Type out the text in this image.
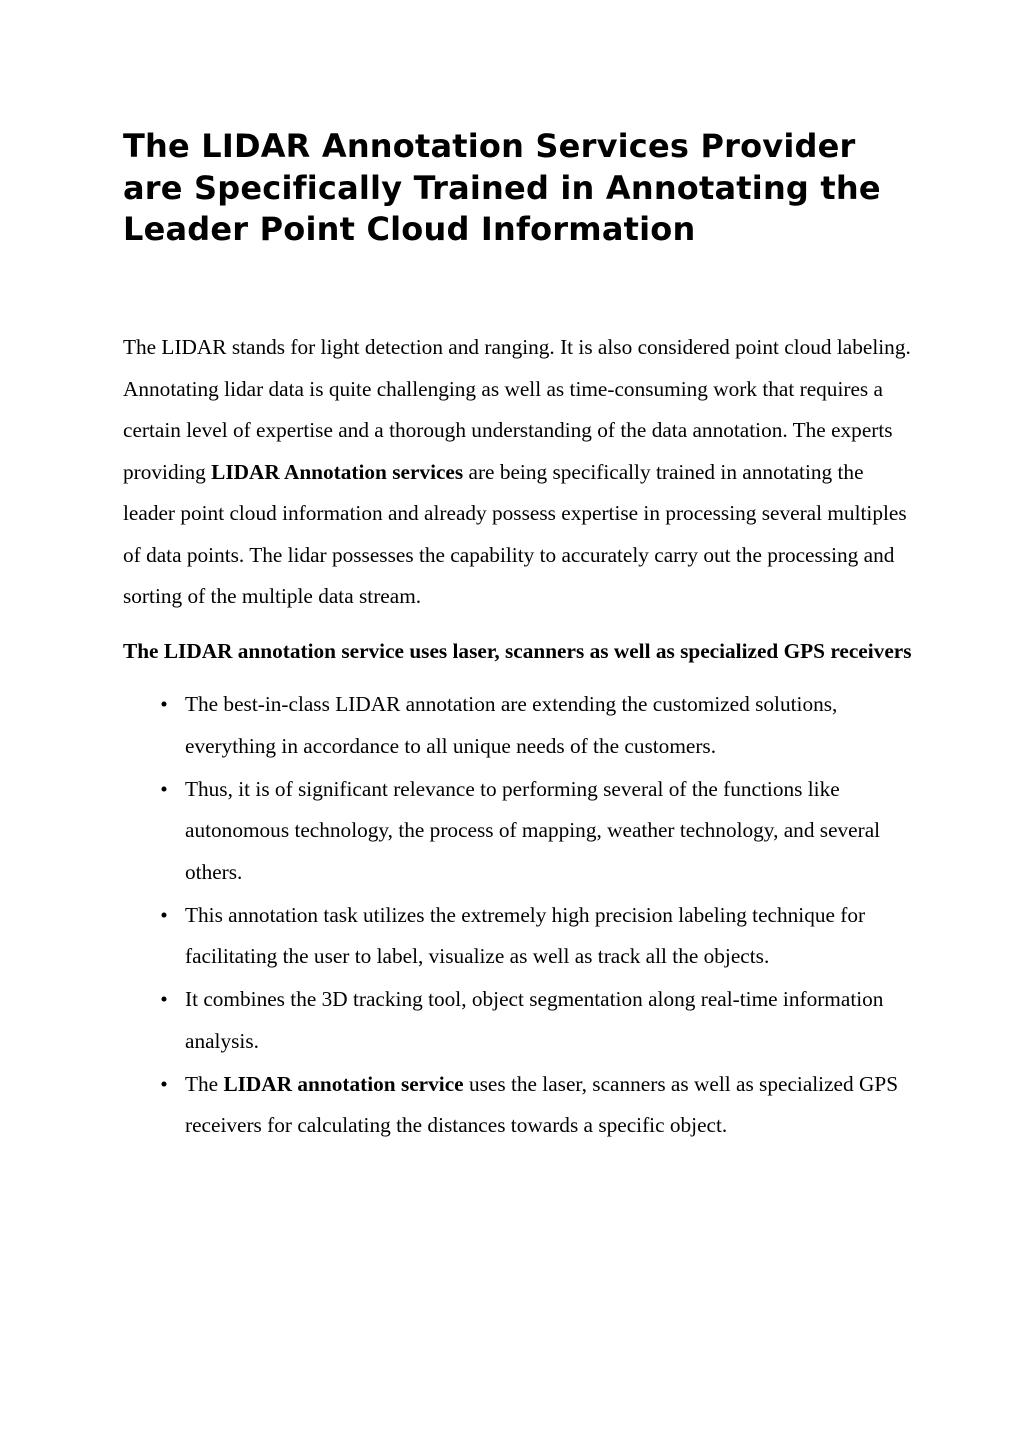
The LIDAR Annotation Services Provider are Specifically Trained in Annotating the Leader Point Cloud Information

The LIDAR stands for light detection and ranging. It is also considered point cloud labeling. Annotating lidar data is quite challenging as well as time-consuming work that requires a certain level of expertise and a thorough understanding of the data annotation. The experts providing LIDAR Annotation services are being specifically trained in annotating the leader point cloud information and already possess expertise in processing several multiples of data points. The lidar possesses the capability to accurately carry out the processing and sorting of the multiple data stream.

The LIDAR annotation service uses laser, scanners as well as specialized GPS receivers

•
The best-in-class LIDAR annotation are extending the customized solutions, everything in accordance to all unique needs of the customers.
•
Thus, it is of significant relevance to performing several of the functions like autonomous technology, the process of mapping, weather technology, and several others.
•
This annotation task utilizes the extremely high precision labeling technique for facilitating the user to label, visualize as well as track all the objects.
•
It combines the 3D tracking tool, object segmentation along real-time information analysis.
•
The LIDAR annotation service uses the laser, scanners as well as specialized GPS receivers for calculating the distances towards a specific object.
